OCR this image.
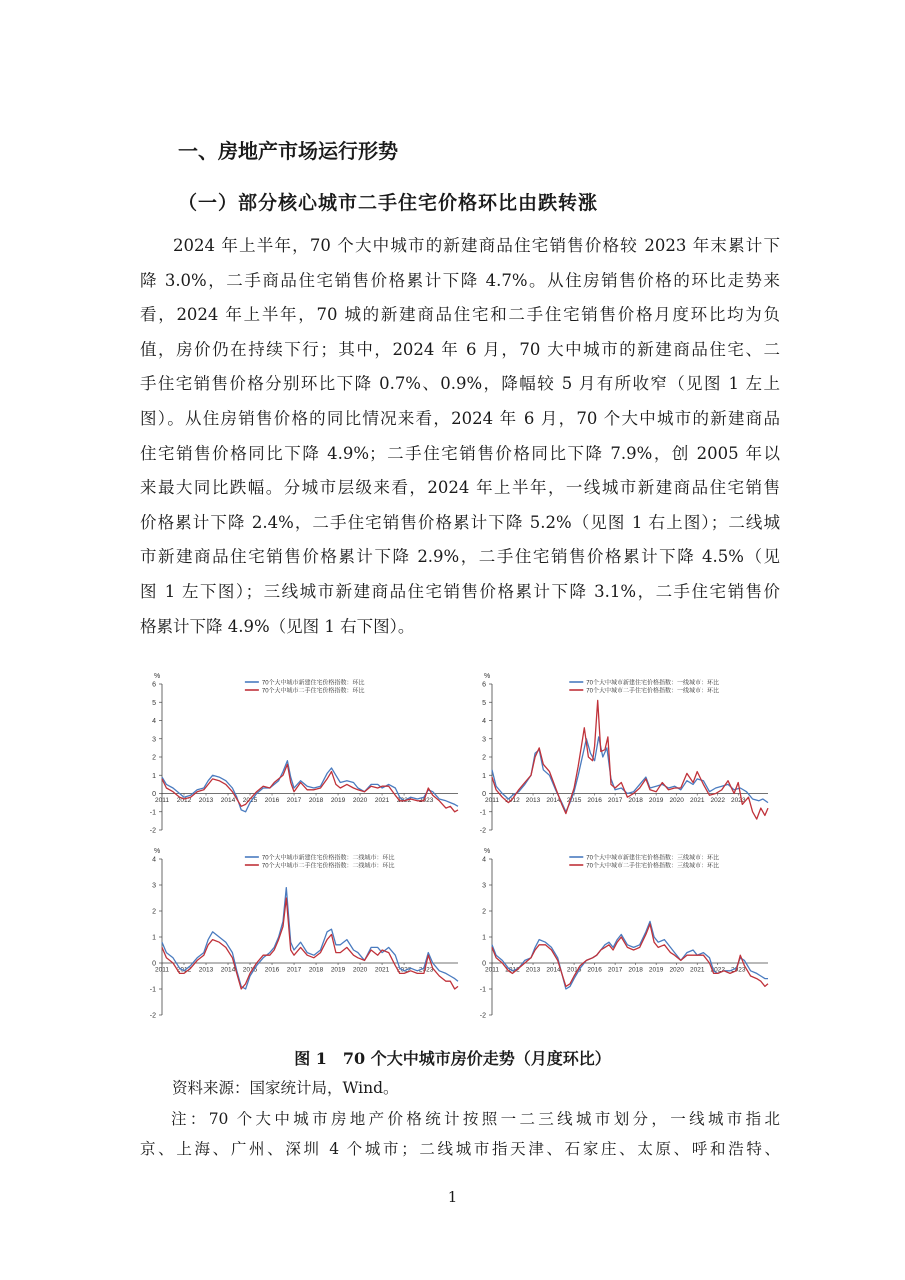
一、房地产市场运行形势
（一）部分核心城市二手住宅价格环比由跌转涨
2024 年上半年，70 个大中城市的新建商品住宅销售价格较 2023 年末累计下
降 3.0%，二手商品住宅销售价格累计下降 4.7%。从住房销售价格的环比走势来
看，2024 年上半年，70 城的新建商品住宅和二手住宅销售价格月度环比均为负
值，房价仍在持续下行；其中，2024 年 6 月，70 大中城市的新建商品住宅、二
手住宅销售价格分别环比下降 0.7%、0.9%，降幅较 5 月有所收窄（见图 1 左上
图）。从住房销售价格的同比情况来看，2024 年 6 月，70 个大中城市的新建商品
住宅销售价格同比下降 4.9%；二手住宅销售价格同比下降 7.9%，创 2005 年以
来最大同比跌幅。分城市层级来看，2024 年上半年，一线城市新建商品住宅销售
价格累计下降 2.4%，二手住宅销售价格累计下降 5.2%（见图 1 右上图）；二线城
市新建商品住宅销售价格累计下降 2.9%，二手住宅销售价格累计下降 4.5%（见
图 1 左下图）；三线城市新建商品住宅销售价格累计下降 3.1%，二手住宅销售价
格累计下降 4.9%（见图 1 右下图）。
-2
-1
0
1
2
3
4
5
6
%
2011 2012 2013 2014 2015 2016 2017 2018 2019 2020 2021 2022 2023
70个大中城市新建住宅价格指数：环比
70个大中城市二手住宅价格指数：环比
-2
-1
0
1
2
3
4
5
6
%
2011 2012 2013 2014 2015 2016 2017 2018 2019 2020 2021 2022 2023
70个大中城市新建住宅价格指数：一线城市：环比
70个大中城市二手住宅价格指数：一线城市：环比
-2
-1
0
1
2
3
4
%
2011 2012 2013 2014 2015 2016 2017 2018 2019 2020 2021 2022 2023
70个大中城市新建住宅价格指数：二线城市：环比
70个大中城市二手住宅价格指数：二线城市：环比
-2
-1
0
1
2
3
4
%
2011 2012 2013 2014 2015 2016 2017 2018 2019 2020 2021 2022 2023
70个大中城市新建住宅价格指数：三线城市：环比
70个大中城市二手住宅价格指数：三线城市：环比
图 1　70 个大中城市房价走势（月度环比）
资料来源：国家统计局，Wind。
注：70 个大中城市房地产价格统计按照一二三线城市划分，一线城市指北
京、上海、广州、深圳 4 个城市；二线城市指天津、石家庄、太原、呼和浩特、
1
